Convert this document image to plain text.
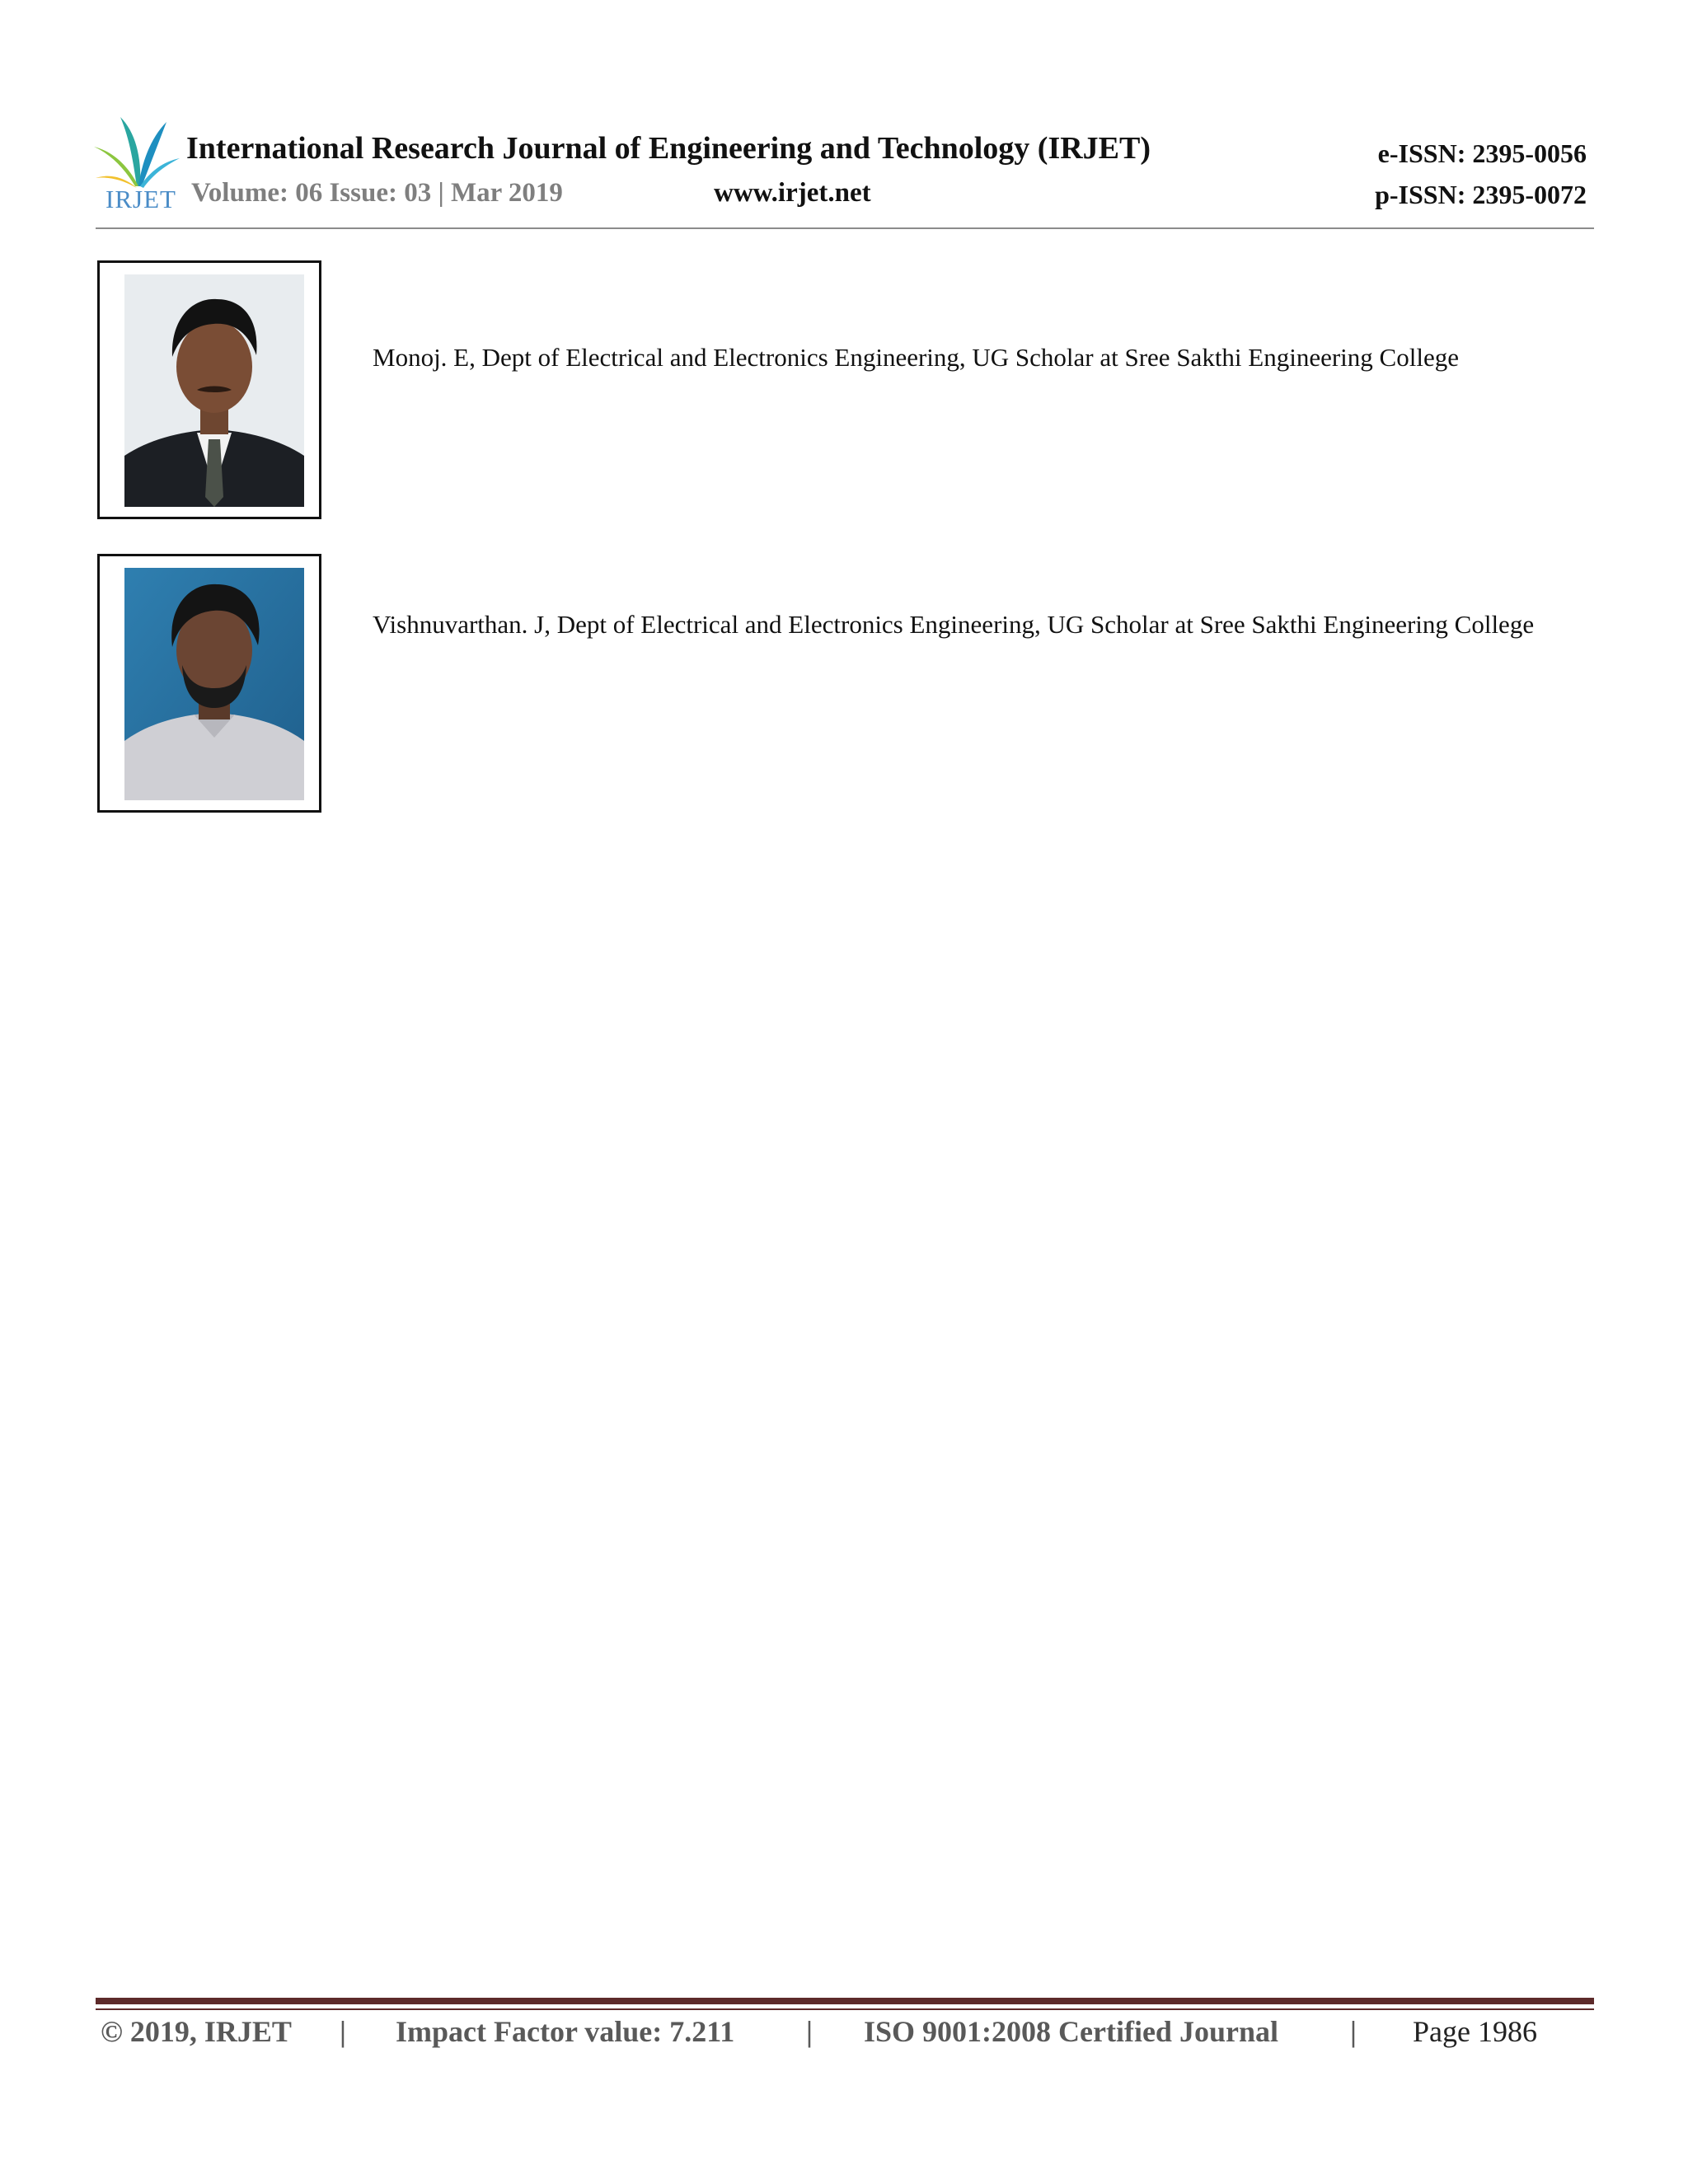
IRJET
International Research Journal of Engineering and Technology (IRJET)	e-ISSN: 2395-0056
Volume: 06 Issue: 03 | Mar 2019	www.irjet.net	p-ISSN: 2395-0072
Monoj. E, Dept of Electrical and Electronics Engineering, UG Scholar at Sree Sakthi Engineering College
Vishnuvarthan. J, Dept of Electrical and Electronics Engineering, UG Scholar at Sree Sakthi Engineering College
© 2019, IRJET | Impact Factor value: 7.211 | ISO 9001:2008 Certified Journal | Page 1986
